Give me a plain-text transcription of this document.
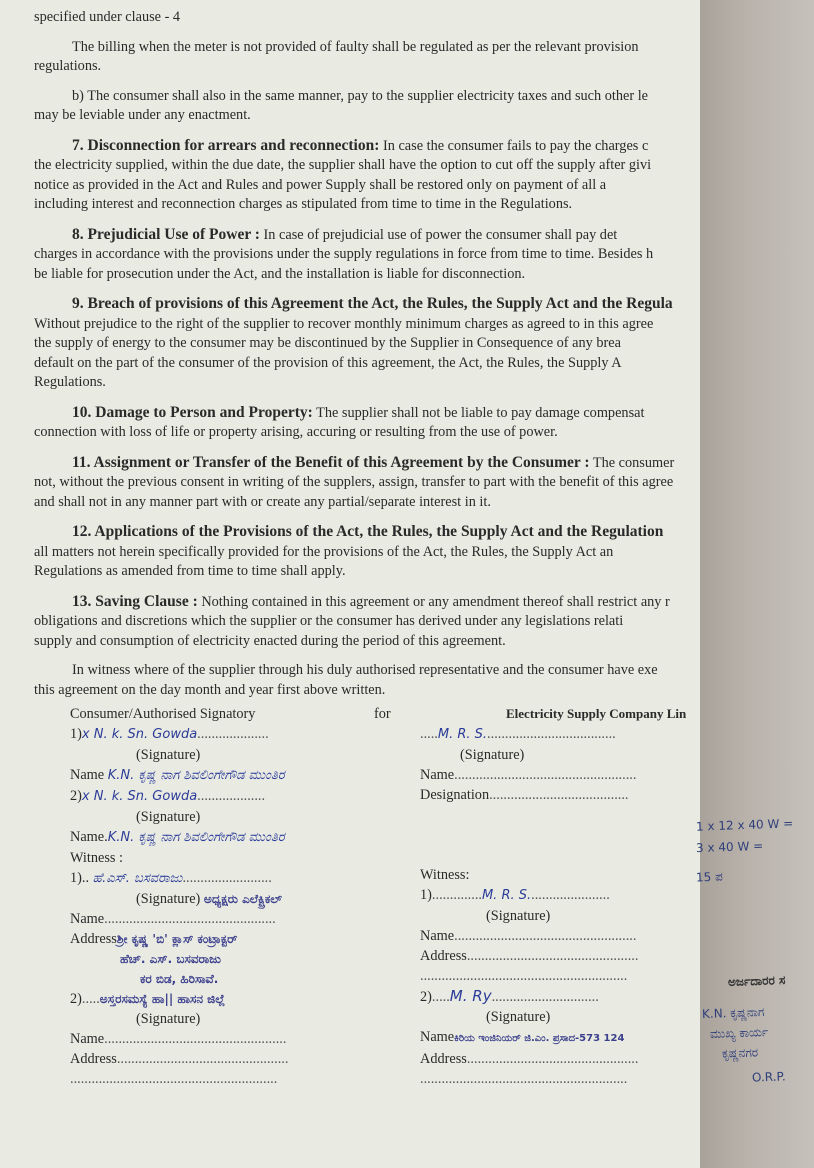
specified under clause - 4

The billing when the meter is not provided of faulty shall be regulated as per the relevant provision
regulations.

b) The consumer shall also in the same manner, pay to the supplier electricity taxes and such other le
may be leviable under any enactment.

7. Disconnection for arrears and reconnection: In case the consumer fails to pay the charges c
the electricity supplied, within the due date, the supplier shall have the option to cut off the supply after givi
notice as provided in the Act and Rules and power Supply shall be restored only on payment of all a
including interest and reconnection charges as stipulated from time to time in the Regulations.

8. Prejudicial Use of Power : In case of prejudicial use of power the consumer shall pay det
charges in accordance with the provisions under the supply regulations in force from time to time. Besides h
be liable for prosecution under the Act, and the installation is liable for disconnection.

9. Breach of provisions of this Agreement the Act, the Rules, the Supply Act and the Regula
Without prejudice to the right of the supplier to recover monthly minimum charges as agreed to in this agree
the supply of energy to the consumer may be discontinued by the Supplier in Consequence of any brea
default on the part of the consumer of the provision of this agreement, the Act, the Rules, the Supply A
Regulations.

10. Damage to Person and Property: The supplier shall not be liable to pay damage compensat
connection with loss of life or property arising, accuring or resulting from the use of power.

11. Assignment or Transfer of the Benefit of this Agreement by the Consumer : The consumer
not, without the previous consent in writing of the supplers, assign, transfer to part with the benefit of this agree
and shall not in any manner part with or create any partial/separate interest in it.

12. Applications of the Provisions of the Act, the Rules, the Supply Act and the Regulation
all matters not herein specifically provided for the provisions of the Act, the Rules, the Supply Act an
Regulations as amended from time to time shall apply.

13. Saving Clause : Nothing contained in this agreement or any amendment thereof shall restrict any r
obligations and discretions which the supplier or the consumer has derived under any legislations relati
supply and consumption of electricity enacted during the period of this agreement.

In witness where of the supplier through his duly authorised representative and the consumer have exe
this agreement on the day month and year first above written.

Consumer/Authorised Signatory
1)x N. k. Sn. Gowda....................
(Signature)
Name K.N. ಕೃಷ್ಣ ನಾಗ ಶಿವಲಿಂಗೇಗೌಡ ಮುಂತಿರ
2)x N. k. Sn. Gowda...................
(Signature)
Name.K.N. ಕೃಷ್ಣ ನಾಗ ಶಿವಲಿಂಗೇಗೌಡ ಮುಂತಿರ
Witness :
1).. ಹೆ.ಎಸ್. ಬಸವರಾಜು.........................
(Signature) ಅಧ್ಯಕ್ಷರು ಎಲೆಕ್ಟ್ರಿಕಲ್
Name................................................
Addressಶ್ರೀ ಕೃಷ್ಣ 'ಬಿ' ಕ್ಲಾಸ್ ಕಂಟ್ರಾಕ್ಟರ್
ಹೆಚ್. ಎಸ್. ಬಸವರಾಜು
ಕರ ಬಿಡ, ಹಿರಿಸಾವೆ.
2).....ಅಸ್ತರಸಮಸ್ಯೆ ಹಾ|| ಹಾಸನ ಜಿಲ್ಲೆ
(Signature)
Name...................................................
Address................................................
..........................................................
for	Electricity Supply Company Lin
.....M. R. S.....................................
(Signature)
Name...................................................
Designation.......................................

Witness:
1)..............M. R. S.......................
(Signature)
Name...................................................
Address................................................
..........................................................
2).....M. Ry..............................
(Signature)
Nameಕಿರಿಯ ಇಂಜಿನಿಯರ್ ಜಿ.ಎಂ. ಪ್ರಸಾದ-573 124
Address................................................
..........................................................
1 x 12 x 40 W =
3 x 40 W =
15 ಪ
ಅರ್ಜದಾರರ ಸ
K.N. ಕೃಷ್ಣನಾಗ
ಮುಖ್ಯ ಕಾರ್ಯ
ಕೃಷ್ಣನಗರ
O.R.P.
